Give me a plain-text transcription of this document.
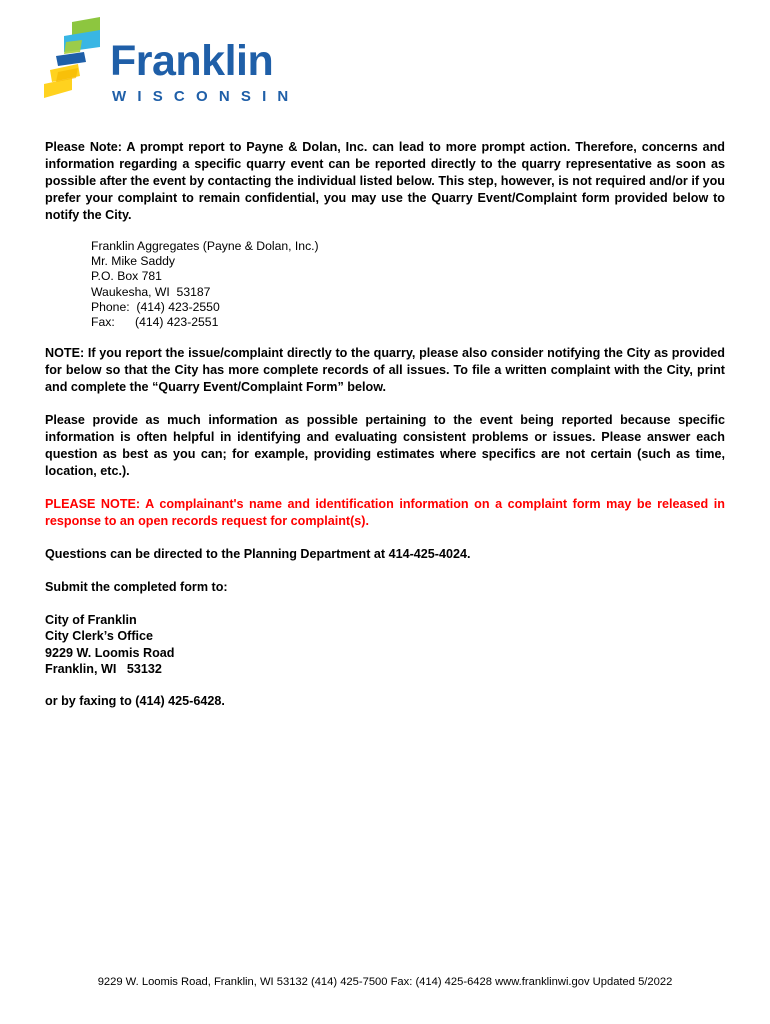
Franklin
WISCONSIN

Please Note: A prompt report to Payne & Dolan, Inc. can lead to more prompt action. Therefore, concerns and information regarding a specific quarry event can be reported directly to the quarry representative as soon as possible after the event by contacting the individual listed below. This step, however, is not required and/or if you prefer your complaint to remain confidential, you may use the Quarry Event/Complaint form provided below to notify the City.

Franklin Aggregates (Payne & Dolan, Inc.)
Mr. Mike Saddy
P.O. Box 781
Waukesha, WI  53187
Phone:  (414) 423-2550
Fax:      (414) 423-2551

NOTE: If you report the issue/complaint directly to the quarry, please also consider notifying the City as provided for below so that the City has more complete records of all issues. To file a written complaint with the City, print and complete the “Quarry Event/Complaint Form” below.

Please provide as much information as possible pertaining to the event being reported because specific information is often helpful in identifying and evaluating consistent problems or issues. Please answer each question as best as you can; for example, providing estimates where specifics are not certain (such as time, location, etc.).

PLEASE NOTE: A complainant's name and identification information on a complaint form may be released in response to an open records request for complaint(s).

Questions can be directed to the Planning Department at 414-425-4024.

Submit the completed form to:

City of Franklin
City Clerk’s Office
9229 W. Loomis Road
Franklin, WI   53132

or by faxing to (414) 425-6428.

9229 W. Loomis Road, Franklin, WI 53132 (414) 425-7500 Fax: (414) 425-6428 www.franklinwi.gov Updated 5/2022
